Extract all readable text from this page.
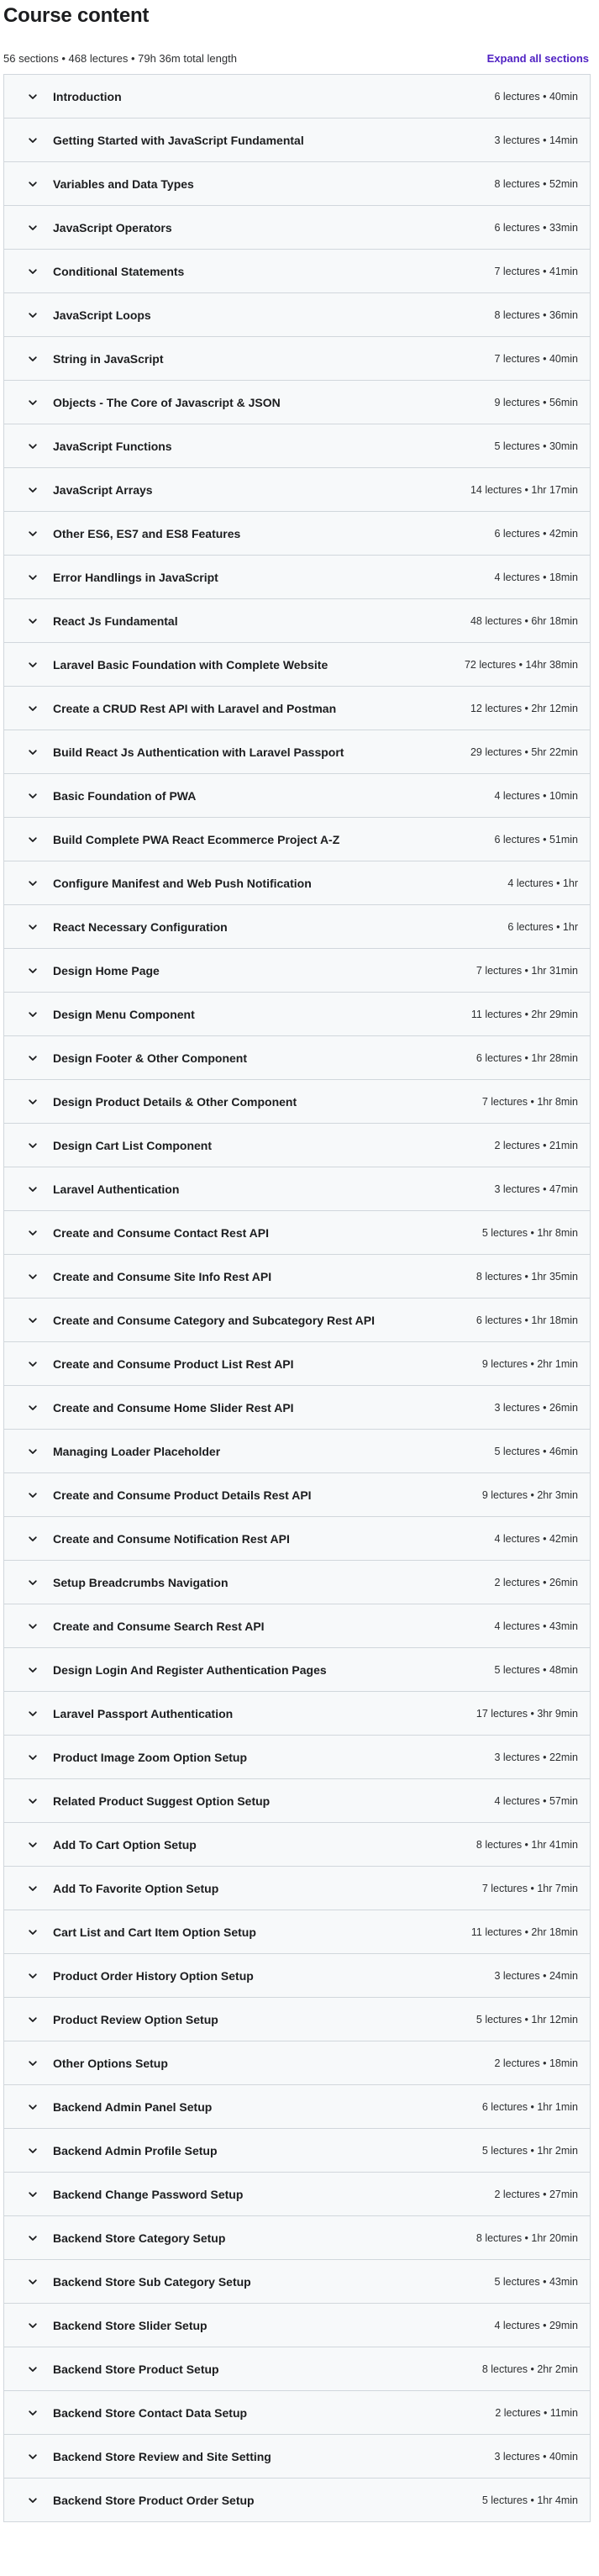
Course content
56 sections • 468 lectures • 79h 36m total length	Expand all sections
Introduction	6 lectures • 40min
Getting Started with JavaScript Fundamental	3 lectures • 14min
Variables and Data Types	8 lectures • 52min
JavaScript Operators	6 lectures • 33min
Conditional Statements	7 lectures • 41min
JavaScript Loops	8 lectures • 36min
String in JavaScript	7 lectures • 40min
Objects - The Core of Javascript & JSON	9 lectures • 56min
JavaScript Functions	5 lectures • 30min
JavaScript Arrays	14 lectures • 1hr 17min
Other ES6, ES7 and ES8 Features	6 lectures • 42min
Error Handlings in JavaScript	4 lectures • 18min
React Js Fundamental	48 lectures • 6hr 18min
Laravel Basic Foundation with Complete Website	72 lectures • 14hr 38min
Create a CRUD Rest API with Laravel and Postman	12 lectures • 2hr 12min
Build React Js Authentication with Laravel Passport	29 lectures • 5hr 22min
Basic Foundation of PWA	4 lectures • 10min
Build Complete PWA React Ecommerce Project A-Z	6 lectures • 51min
Configure Manifest and Web Push Notification	4 lectures • 1hr
React Necessary Configuration	6 lectures • 1hr
Design Home Page	7 lectures • 1hr 31min
Design Menu Component	11 lectures • 2hr 29min
Design Footer & Other Component	6 lectures • 1hr 28min
Design Product Details & Other Component	7 lectures • 1hr 8min
Design Cart List Component	2 lectures • 21min
Laravel Authentication	3 lectures • 47min
Create and Consume Contact Rest API	5 lectures • 1hr 8min
Create and Consume Site Info Rest API	8 lectures • 1hr 35min
Create and Consume Category and Subcategory Rest API	6 lectures • 1hr 18min
Create and Consume Product List Rest API	9 lectures • 2hr 1min
Create and Consume Home Slider Rest API	3 lectures • 26min
Managing Loader Placeholder	5 lectures • 46min
Create and Consume Product Details Rest API	9 lectures • 2hr 3min
Create and Consume Notification Rest API	4 lectures • 42min
Setup Breadcrumbs Navigation	2 lectures • 26min
Create and Consume Search Rest API	4 lectures • 43min
Design Login And Register Authentication Pages	5 lectures • 48min
Laravel Passport Authentication	17 lectures • 3hr 9min
Product Image Zoom Option Setup	3 lectures • 22min
Related Product Suggest Option Setup	4 lectures • 57min
Add To Cart Option Setup	8 lectures • 1hr 41min
Add To Favorite Option Setup	7 lectures • 1hr 7min
Cart List and Cart Item Option Setup	11 lectures • 2hr 18min
Product Order History Option Setup	3 lectures • 24min
Product Review Option Setup	5 lectures • 1hr 12min
Other Options Setup	2 lectures • 18min
Backend Admin Panel Setup	6 lectures • 1hr 1min
Backend Admin Profile Setup	5 lectures • 1hr 2min
Backend Change Password Setup	2 lectures • 27min
Backend Store Category Setup	8 lectures • 1hr 20min
Backend Store Sub Category Setup	5 lectures • 43min
Backend Store Slider Setup	4 lectures • 29min
Backend Store Product Setup	8 lectures • 2hr 2min
Backend Store Contact Data Setup	2 lectures • 11min
Backend Store Review and Site Setting	3 lectures • 40min
Backend Store Product Order Setup	5 lectures • 1hr 4min
